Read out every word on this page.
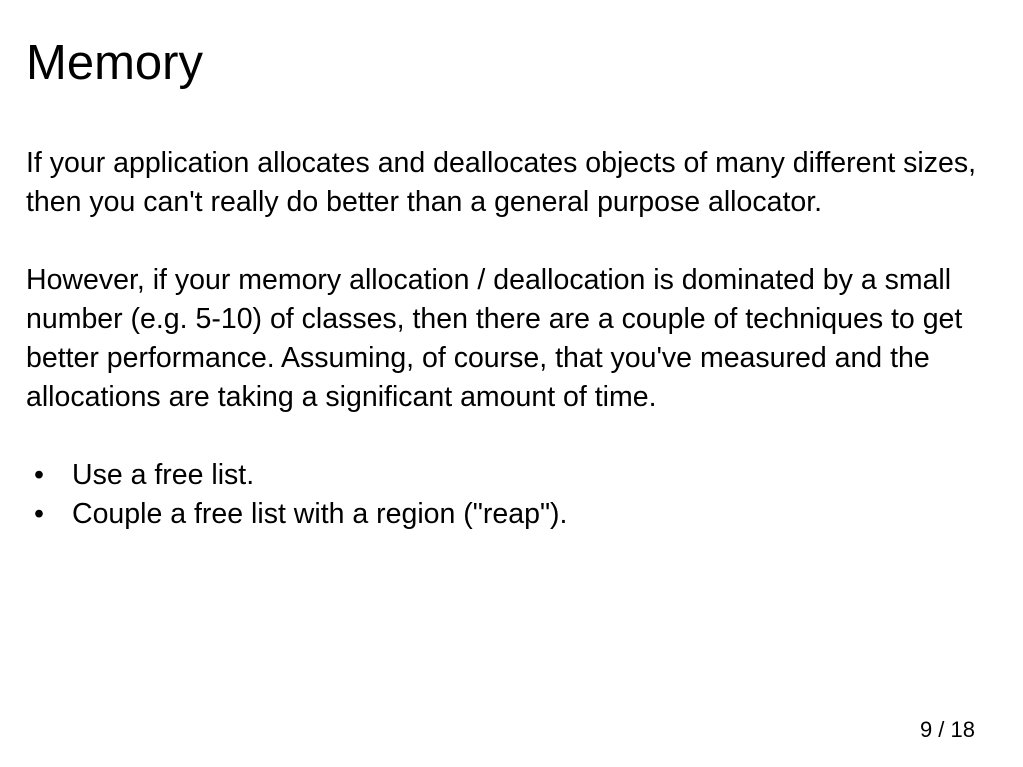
Memory

If your application allocates and deallocates objects of many different sizes, then you can't really do better than a general purpose allocator.

However, if your memory allocation / deallocation is dominated by a small number (e.g. 5-10) of classes, then there are a couple of techniques to get better performance. Assuming, of course, that you've measured and the allocations are taking a significant amount of time.

• Use a free list.
• Couple a free list with a region ("reap").
9 / 18
